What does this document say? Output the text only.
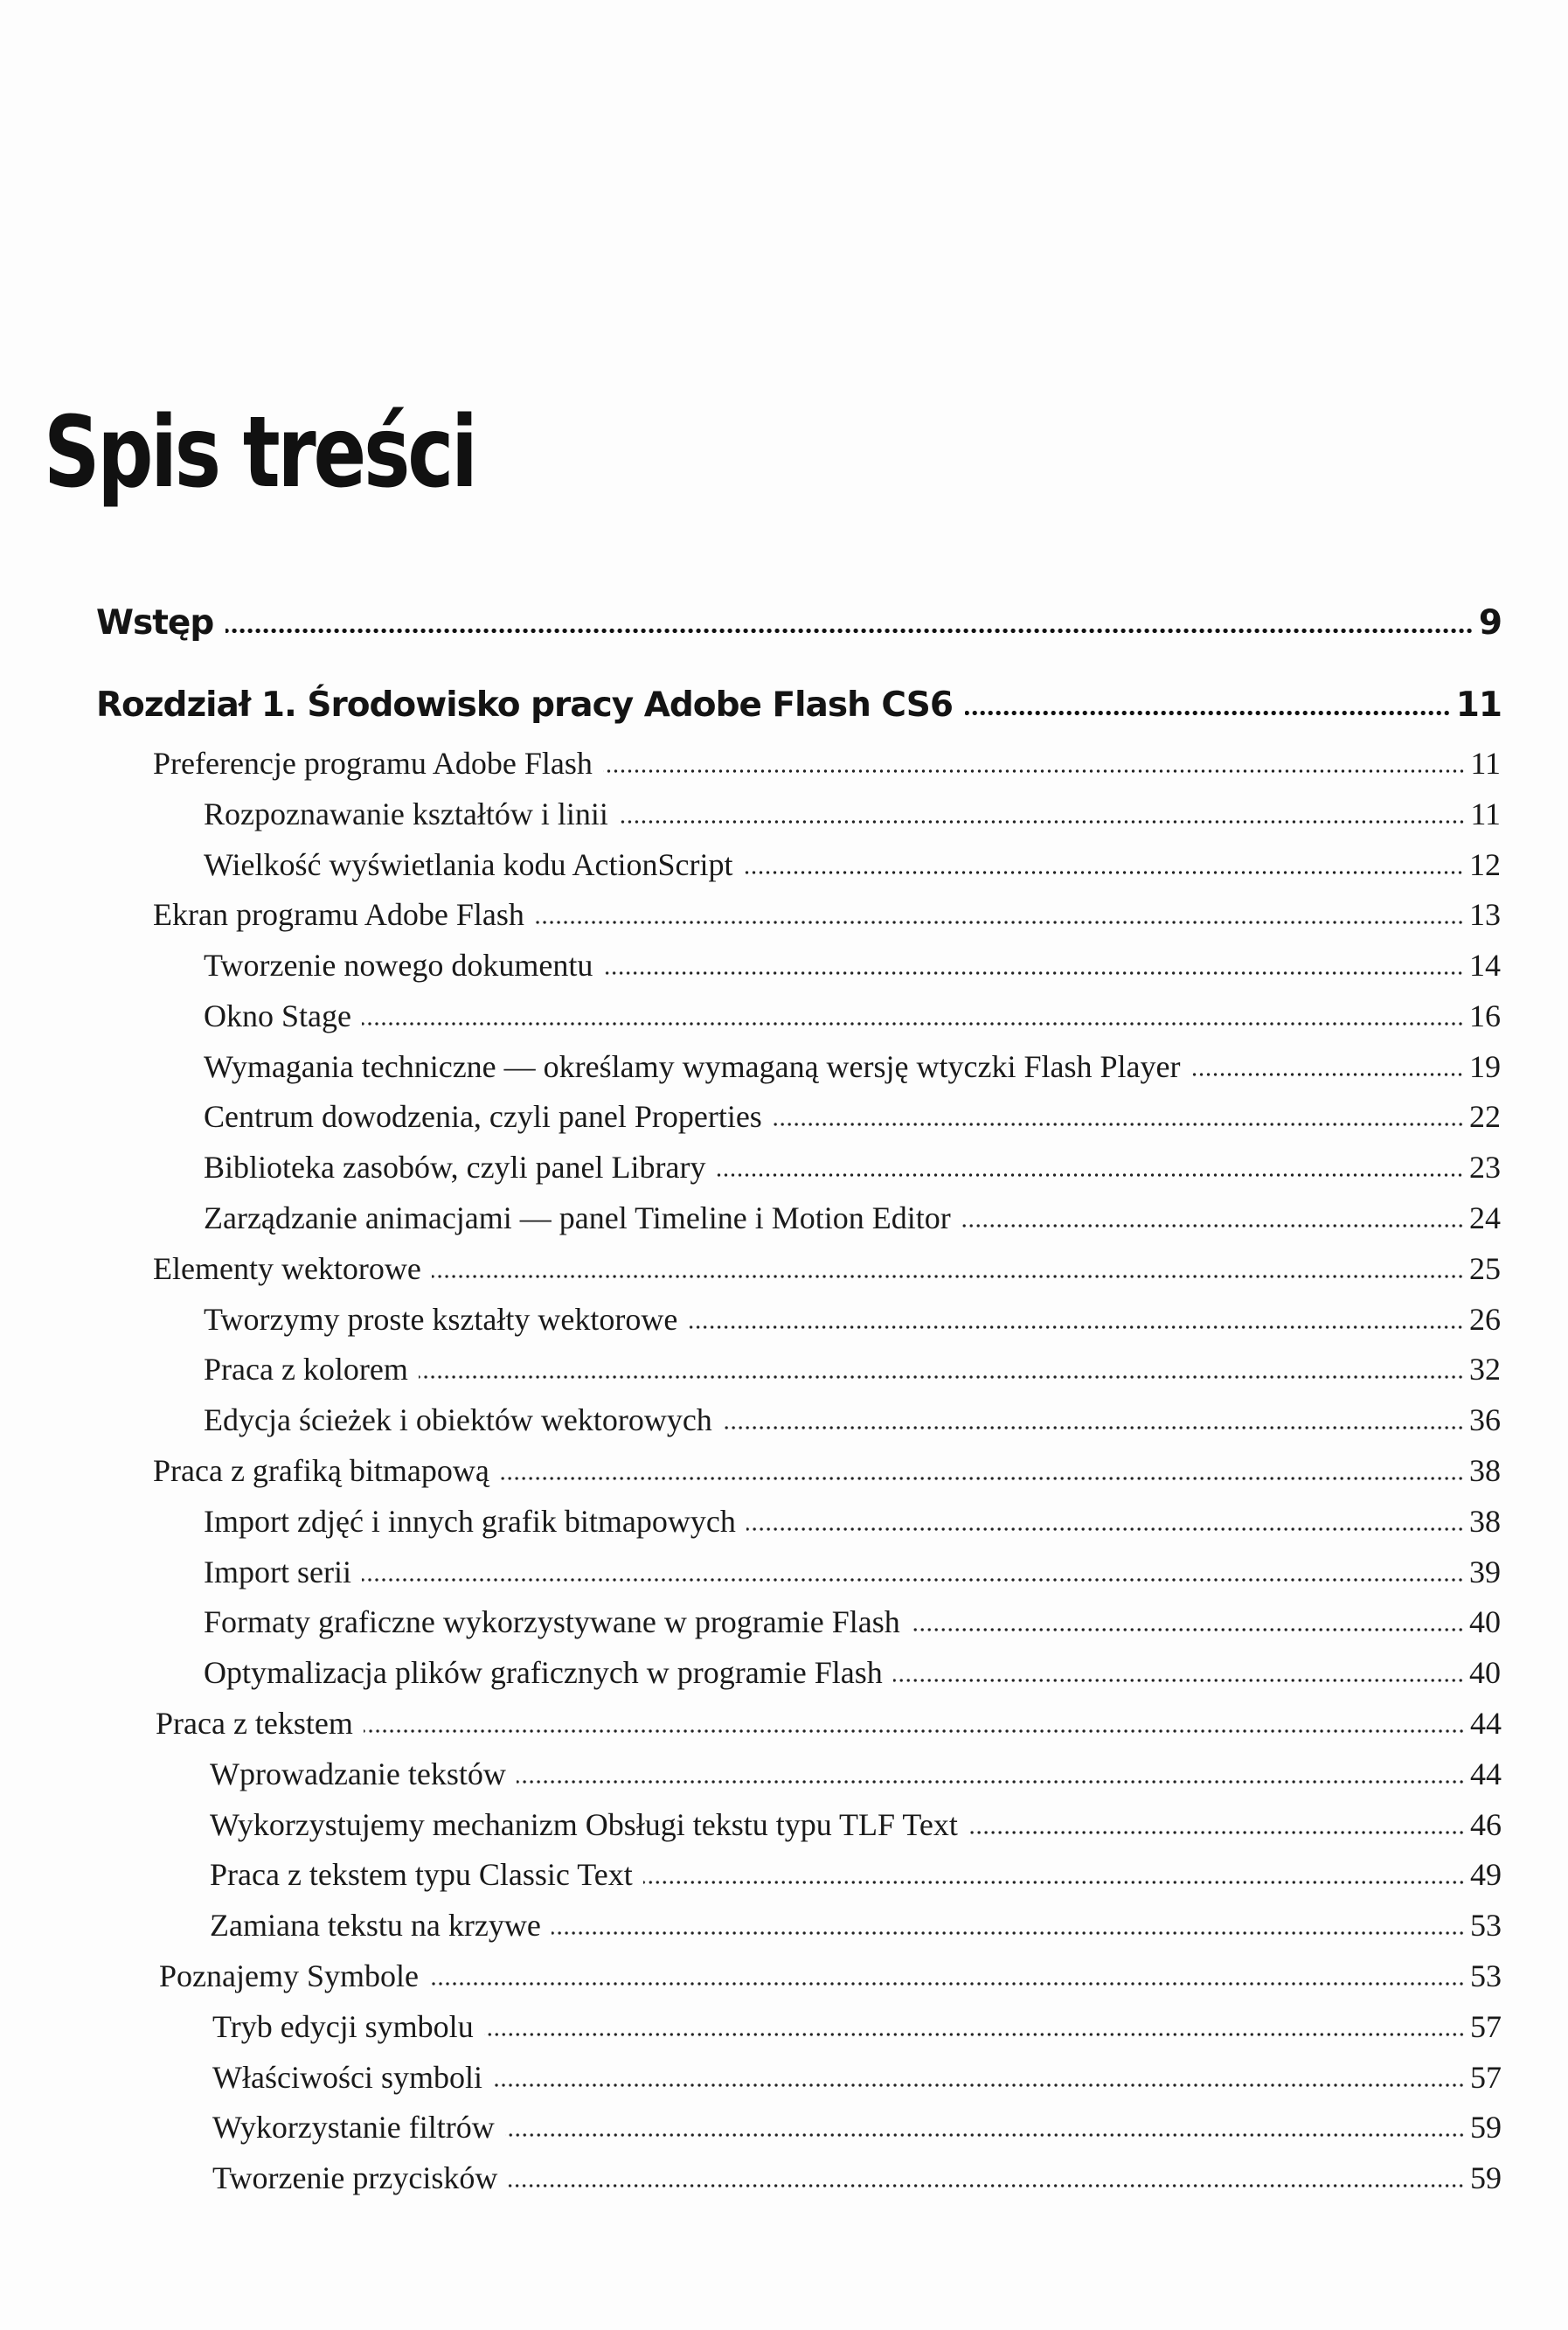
Spis treści
Wstęp	9
Rozdział 1. Środowisko pracy Adobe Flash CS6	11
Preferencje programu Adobe Flash	11
Rozpoznawanie kształtów i linii	11
Wielkość wyświetlania kodu ActionScript	12
Ekran programu Adobe Flash	13
Tworzenie nowego dokumentu	14
Okno Stage	16
Wymagania techniczne — określamy wymaganą wersję wtyczki Flash Player	19
Centrum dowodzenia, czyli panel Properties	22
Biblioteka zasobów, czyli panel Library	23
Zarządzanie animacjami — panel Timeline i Motion Editor	24
Elementy wektorowe	25
Tworzymy proste kształty wektorowe	26
Praca z kolorem	32
Edycja ścieżek i obiektów wektorowych	36
Praca z grafiką bitmapową	38
Import zdjęć i innych grafik bitmapowych	38
Import serii	39
Formaty graficzne wykorzystywane w programie Flash	40
Optymalizacja plików graficznych w programie Flash	40
Praca z tekstem	44
Wprowadzanie tekstów	44
Wykorzystujemy mechanizm Obsługi tekstu typu TLF Text	46
Praca z tekstem typu Classic Text	49
Zamiana tekstu na krzywe	53
Poznajemy Symbole	53
Tryb edycji symbolu	57
Właściwości symboli	57
Wykorzystanie filtrów	59
Tworzenie przycisków	59
